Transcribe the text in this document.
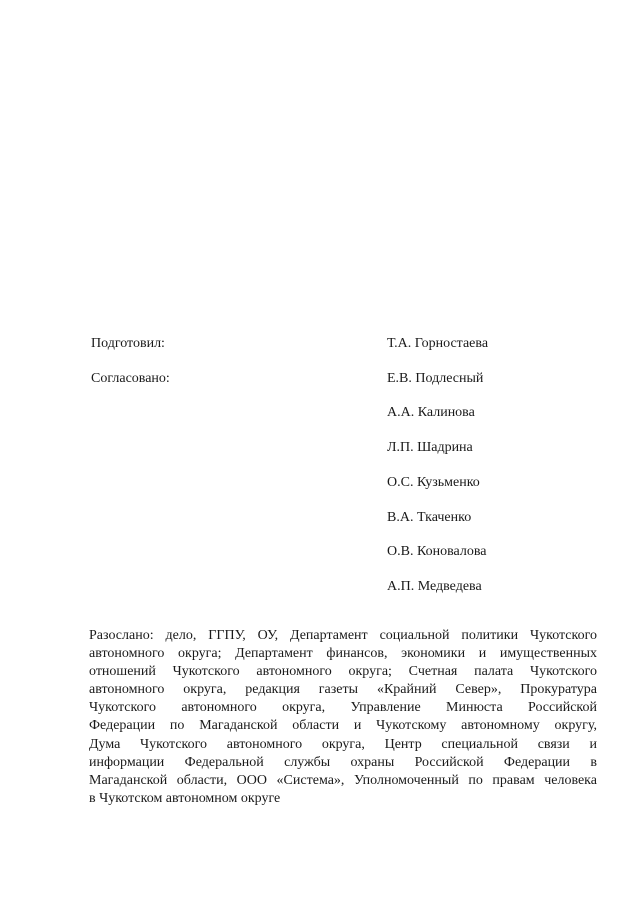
Подготовил:	Т.А. Горностаева
Согласовано:	Е.В. Подлесный
А.А. Калинова
Л.П. Шадрина
О.С. Кузьменко
В.А. Ткаченко
О.В. Коновалова
А.П. Медведева
Разослано: дело, ГГПУ, ОУ, Департамент социальной политики Чукотского
автономного округа; Департамент финансов, экономики и имущественных
отношений Чукотского автономного округа; Счетная палата Чукотского
автономного округа, редакция газеты «Крайний Север», Прокуратура
Чукотского автономного округа, Управление Минюста Российской
Федерации по Магаданской области и Чукотскому автономному округу,
Дума Чукотского автономного округа, Центр специальной связи и
информации Федеральной службы охраны Российской Федерации в
Магаданской области, ООО «Система», Уполномоченный по правам человека
в Чукотском автономном округе
